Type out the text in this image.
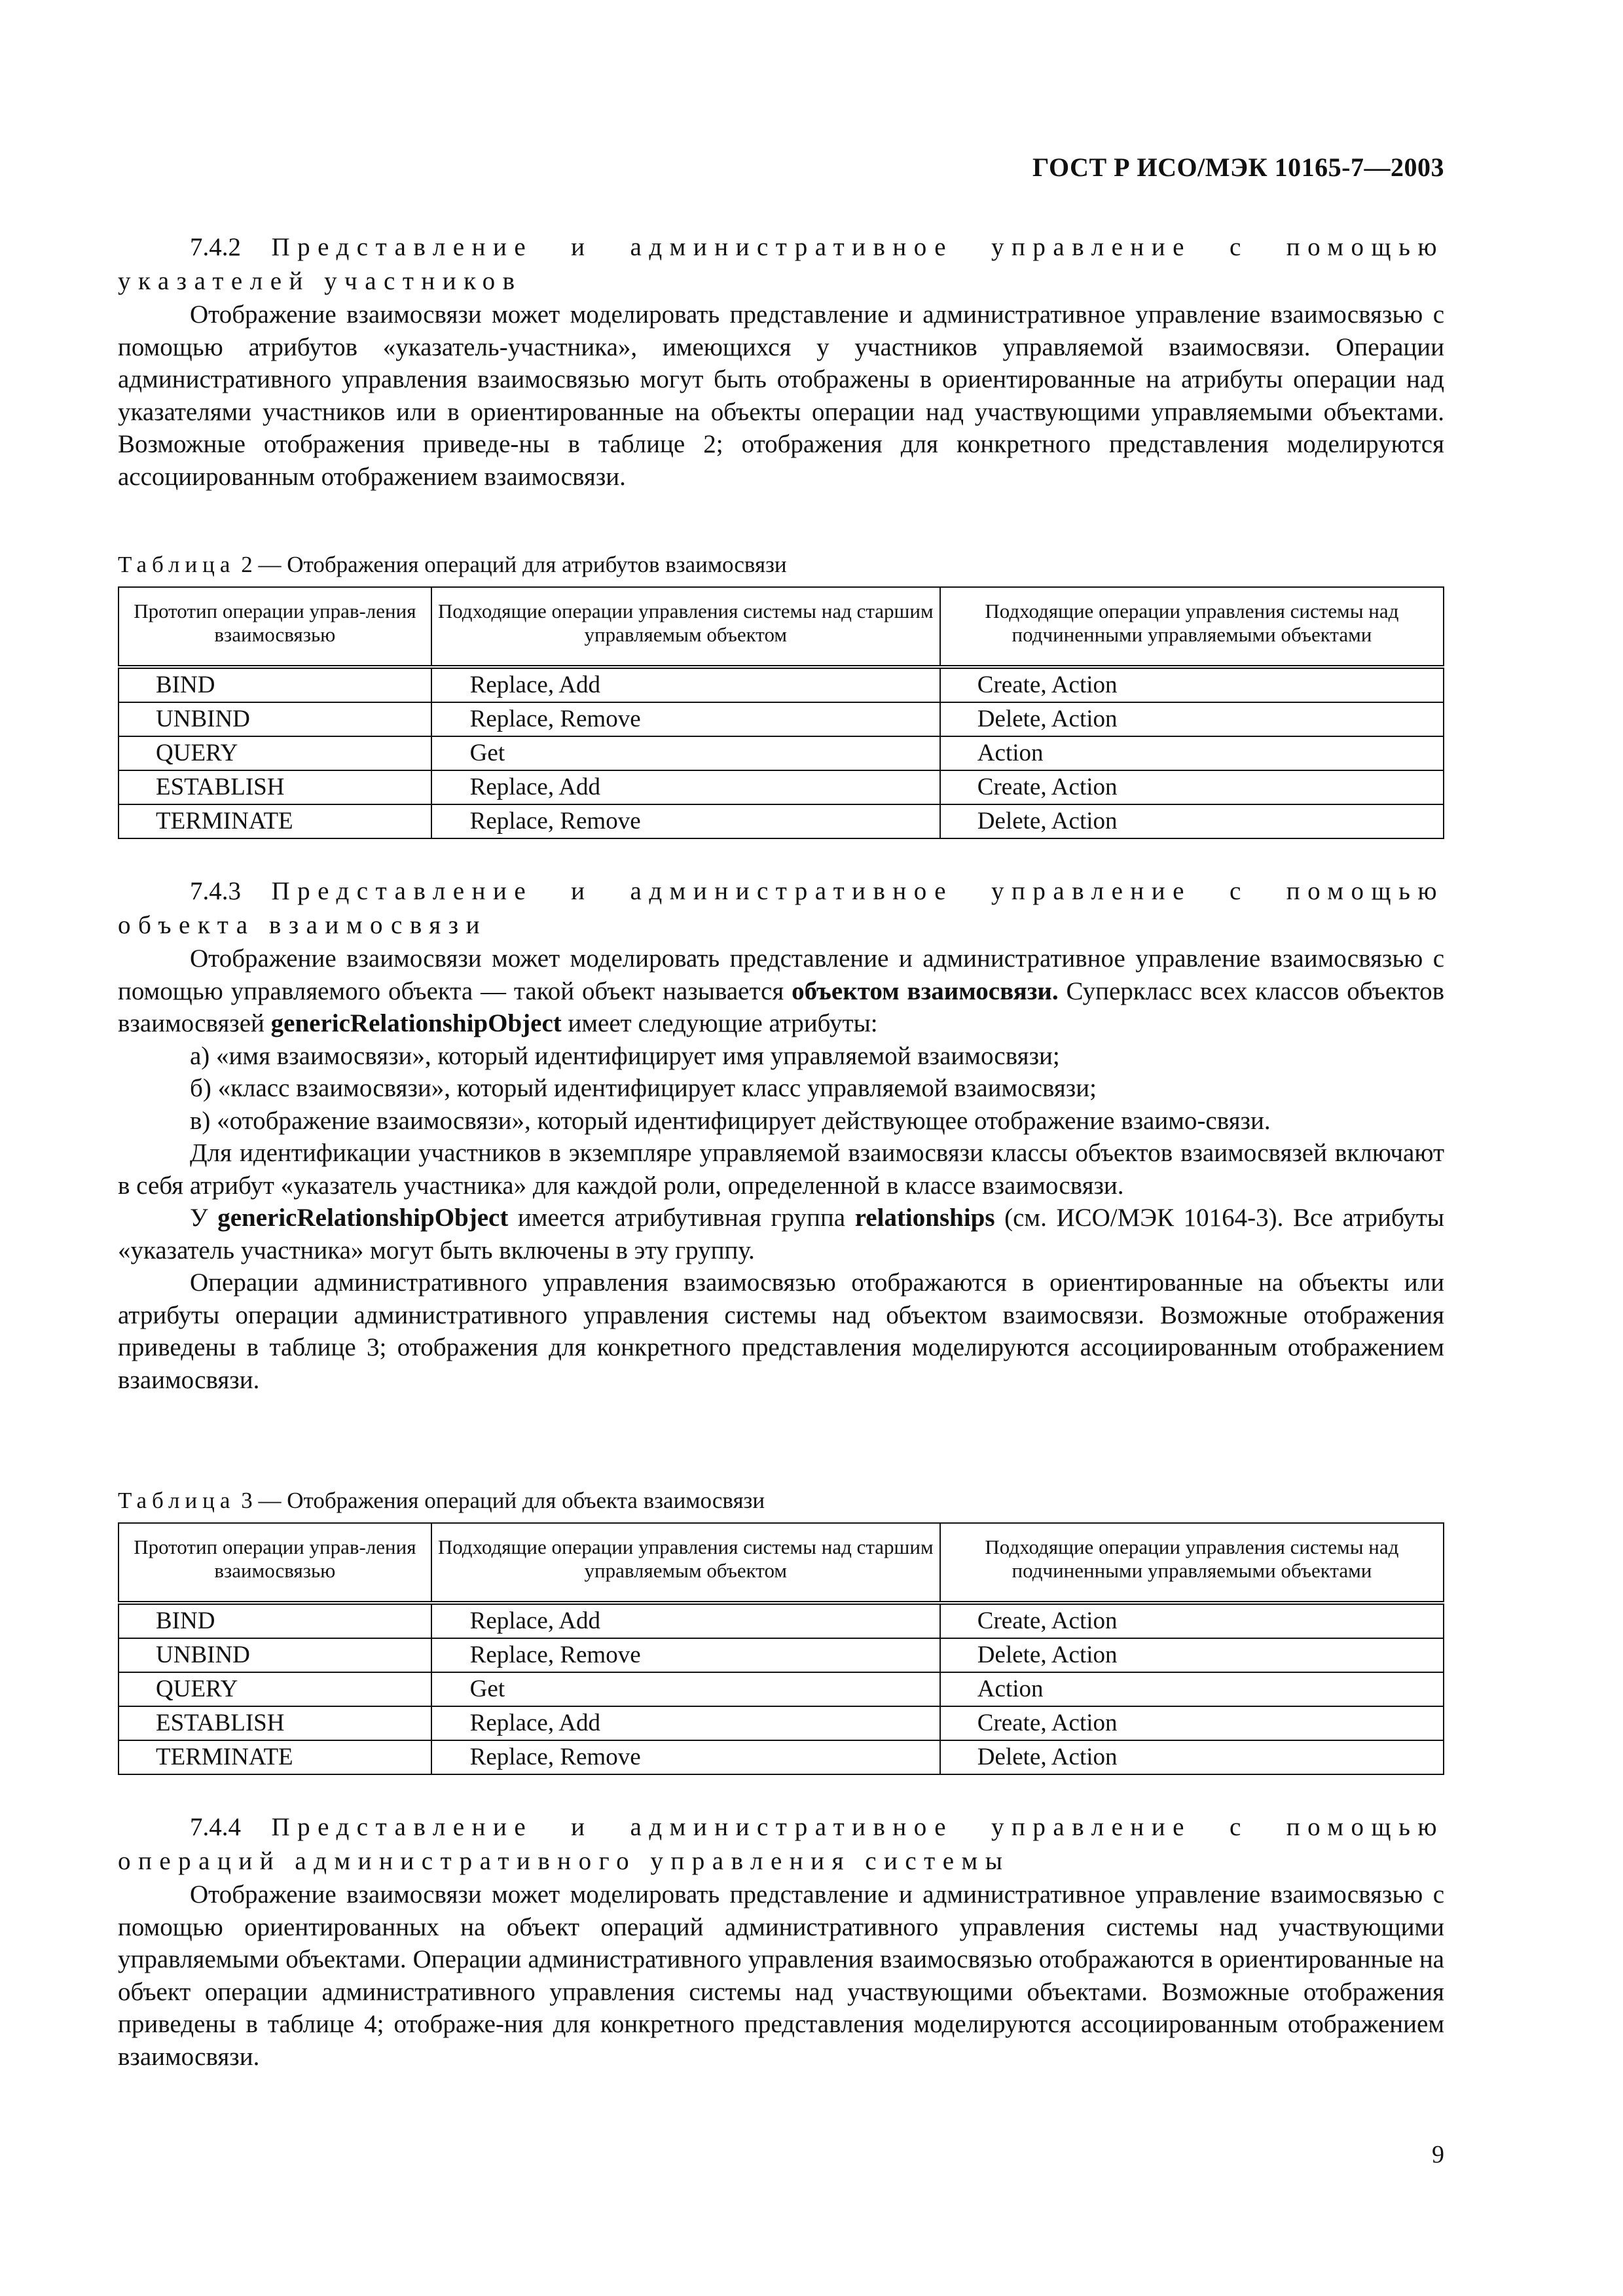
ГОСТ Р ИСО/МЭК 10165-7—2003

7.4.2 Представление и административное управление с помощью

указателей участников

Отображение взаимосвязи может моделировать представление и административное управление взаимосвязью с помощью атрибутов «указатель-участника», имеющихся у участников управляемой взаимосвязи. Операции административного управления взаимосвязью могут быть отображены в ориентированные на атрибуты операции над указателями участников или в ориентированные на объекты операции над участвующими управляемыми объектами. Возможные отображения приведе-ны в таблице 2; отображения для конкретного представления моделируются ассоциированным отображением взаимосвязи.

Таблица 2 — Отображения операций для атрибутов взаимосвязи

Прототип операции управ-ления взаимосвязью	Подходящие операции управления системы над старшим управляемым объектом	Подходящие операции управления системы над подчиненными управляемыми объектами
BIND	Replace, Add	Create, Action
UNBIND	Replace, Remove	Delete, Action
QUERY	Get	Action
ESTABLISH	Replace, Add	Create, Action
TERMINATE	Replace, Remove	Delete, Action

7.4.3 Представление и административное управление с помощью

объекта взаимосвязи

Отображение взаимосвязи может моделировать представление и административное управление взаимосвязью с помощью управляемого объекта — такой объект называется объектом взаимосвязи. Суперкласс всех классов объектов взаимосвязей genericRelationshipObject имеет следующие атрибуты:

а) «имя взаимосвязи», который идентифицирует имя управляемой взаимосвязи;

б) «класс взаимосвязи», который идентифицирует класс управляемой взаимосвязи;

в) «отображение взаимосвязи», который идентифицирует действующее отображение взаимо-связи.

Для идентификации участников в экземпляре управляемой взаимосвязи классы объектов взаимосвязей включают в себя атрибут «указатель участника» для каждой роли, определенной в классе взаимосвязи.

У genericRelationshipObject имеется атрибутивная группа relationships (см. ИСО/МЭК 10164-3). Все атрибуты «указатель участника» могут быть включены в эту группу.

Операции административного управления взаимосвязью отображаются в ориентированные на объекты или атрибуты операции административного управления системы над объектом взаимосвязи. Возможные отображения приведены в таблице 3; отображения для конкретного представления моделируются ассоциированным отображением взаимосвязи.

Таблица 3 — Отображения операций для объекта взаимосвязи

Прототип операции управ-ления взаимосвязью	Подходящие операции управления системы над старшим управляемым объектом	Подходящие операции управления системы над подчиненными управляемыми объектами
BIND	Replace, Add	Create, Action
UNBIND	Replace, Remove	Delete, Action
QUERY	Get	Action
ESTABLISH	Replace, Add	Create, Action
TERMINATE	Replace, Remove	Delete, Action

7.4.4 Представление и административное управление с помощью

операций административного управления системы

Отображение взаимосвязи может моделировать представление и административное управление взаимосвязью с помощью ориентированных на объект операций административного управления системы над участвующими управляемыми объектами. Операции административного управления взаимосвязью отображаются в ориентированные на объект операции административного управления системы над участвующими объектами. Возможные отображения приведены в таблице 4; отображе-ния для конкретного представления моделируются ассоциированным отображением взаимосвязи.

9
